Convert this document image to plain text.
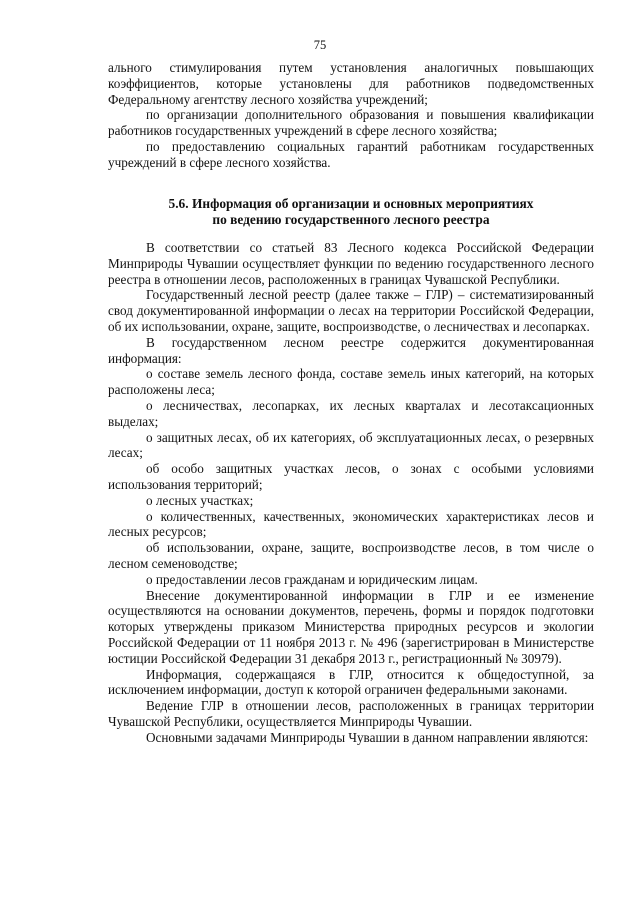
75

ального стимулирования путем установления аналогичных повышающих коэффициентов, которые установлены для работников подведомственных Федеральному агентству лесного хозяйства учреждений;

по организации дополнительного образования и повышения квалификации работников государственных учреждений в сфере лесного хозяйства;

по предоставлению социальных гарантий работникам государственных учреждений в сфере лесного хозяйства.

5.6. Информация об организации и основных мероприятиях
по ведению государственного лесного реестра

В соответствии со статьей 83 Лесного кодекса Российской Федерации Минприроды Чувашии осуществляет функции по ведению государственного лесного реестра в отношении лесов, расположенных в границах Чувашской Республики.

Государственный лесной реестр (далее также – ГЛР) – систематизированный свод документированной информации о лесах на территории Российской Федерации, об их использовании, охране, защите, воспроизводстве, о лесничествах и лесопарках.

В государственном лесном реестре содержится документированная информация:

о составе земель лесного фонда, составе земель иных категорий, на которых расположены леса;

о лесничествах, лесопарках, их лесных кварталах и лесотаксационных выделах;

о защитных лесах, об их категориях, об эксплуатационных лесах, о резервных лесах;

об особо защитных участках лесов, о зонах с особыми условиями использования территорий;

о лесных участках;

о количественных, качественных, экономических характеристиках лесов и лесных ресурсов;

об использовании, охране, защите, воспроизводстве лесов, в том числе о лесном семеноводстве;

о предоставлении лесов гражданам и юридическим лицам.

Внесение документированной информации в ГЛР и ее изменение осуществляются на основании документов, перечень, формы и порядок подготовки которых утверждены приказом Министерства природных ресурсов и экологии Российской Федерации от 11 ноября 2013 г. № 496 (зарегистрирован в Министерстве юстиции Российской Федерации 31 декабря 2013 г., регистрационный № 30979).

Информация, содержащаяся в ГЛР, относится к общедоступной, за исключением информации, доступ к которой ограничен федеральными законами.

Ведение ГЛР в отношении лесов, расположенных в границах территории Чувашской Республики, осуществляется Минприроды Чувашии.

Основными задачами Минприроды Чувашии в данном направлении являются:
